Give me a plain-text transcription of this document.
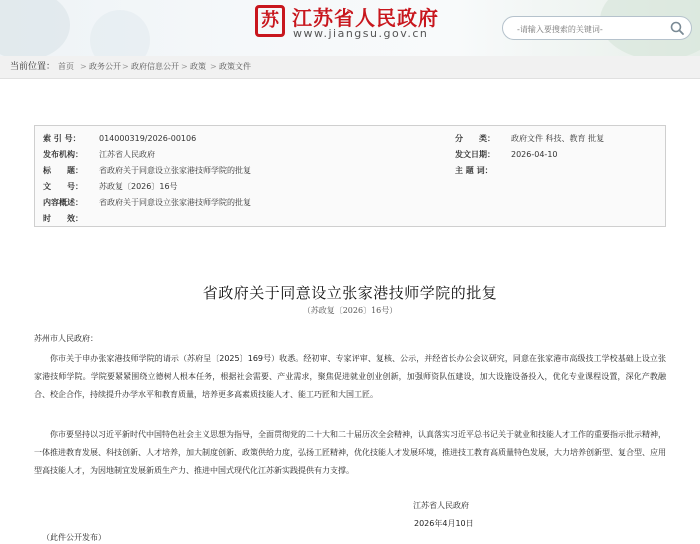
苏 江苏省人民政府
www.jiangsu.gov.cn
-请输入要搜索的关键词-
当前位置： 首页 > 政务公开 > 政府信息公开 > 政策 > 政策文件
索 引 号： 014000319/2026-00106	分　　类： 政府文件 科技、教育 批复
发布机构： 江苏省人民政府	发文日期： 2026-04-10
标　　题： 省政府关于同意设立张家港技师学院的批复	主 题 词：
文　　号： 苏政复〔2026〕16号
内容概述： 省政府关于同意设立张家港技师学院的批复
时　　效：
省政府关于同意设立张家港技师学院的批复
（苏政复〔2026〕16号）
苏州市人民政府：
你市关于申办张家港技师学院的请示（苏府呈〔2025〕169号）收悉。经初审、专家评审、复核、公示，并经省长办公会议研究，同意在张家港市高级技工学校基础上设立张家港技师学院。学院要紧紧围绕立德树人根本任务，根据社会需要、产业需求，聚焦促进就业创业创新，加强师资队伍建设，加大设施设备投入，优化专业课程设置，深化产教融合、校企合作，持续提升办学水平和教育质量，培养更多高素质技能人才、能工巧匠和大国工匠。
你市要坚持以习近平新时代中国特色社会主义思想为指导，全面贯彻党的二十大和二十届历次全会精神，认真落实习近平总书记关于就业和技能人才工作的重要指示批示精神，一体推进教育发展、科技创新、人才培养，加大制度创新、政策供给力度，弘扬工匠精神，优化技能人才发展环境，推进技工教育高质量特色发展，大力培养创新型、复合型、应用型高技能人才，为因地制宜发展新质生产力、推进中国式现代化江苏新实践提供有力支撑。
江苏省人民政府
2026年4月10日
（此件公开发布）
